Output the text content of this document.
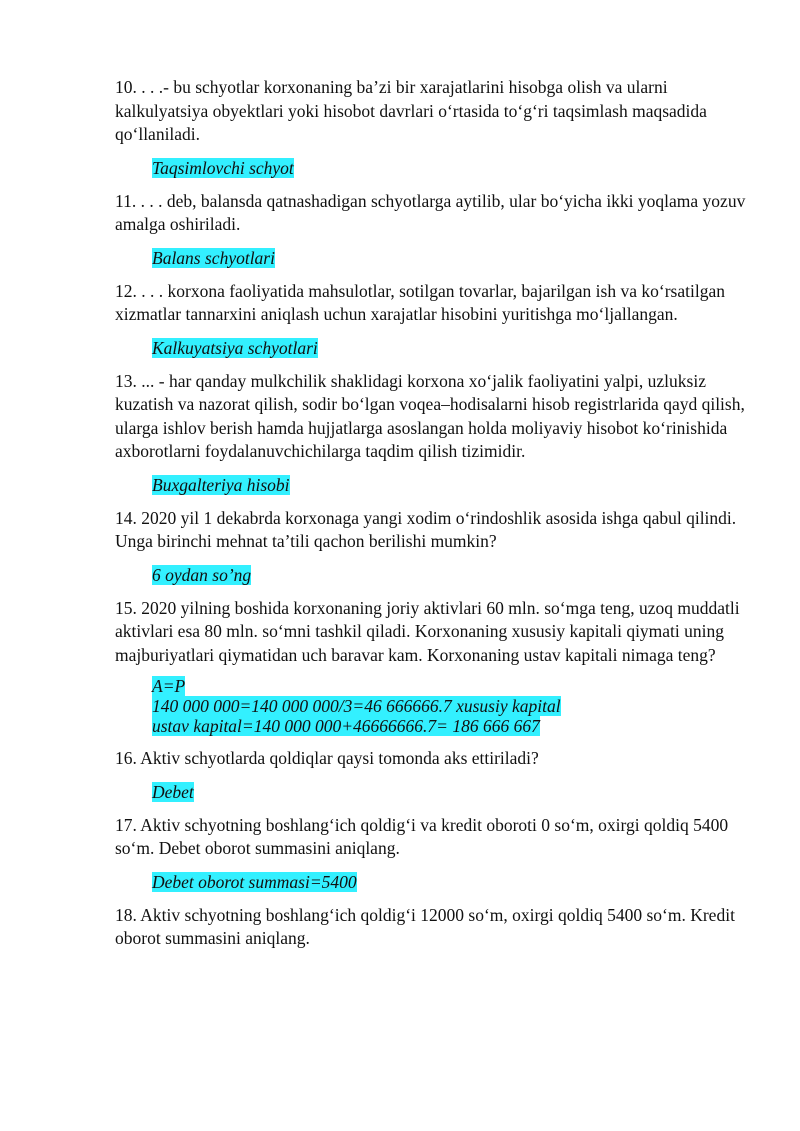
10. . . .- bu schyotlar korxonaning ba’zi bir xarajatlarini hisobga olish va ularni kalkulyatsiya obyektlari yoki hisobot davrlari o‘rtasida to‘g‘ri taqsimlash maqsadida qo‘llaniladi.

Taqsimlovchi schyot

11. . . . deb, balansda qatnashadigan schyotlarga aytilib, ular bo‘yicha ikki yoqlama yozuv amalga oshiriladi.

Balans schyotlari

12. . . . korxona faoliyatida mahsulotlar, sotilgan tovarlar, bajarilgan ish va ko‘rsatilgan xizmatlar tannarxini aniqlash uchun xarajatlar hisobini yuritishga mo‘ljallangan.

Kalkuyatsiya schyotlari

13. ... - har qanday mulkchilik shaklidagi korxona xo‘jalik faoliyatini yalpi, uzluksiz kuzatish va nazorat qilish, sodir bo‘lgan voqea–hodisalarni hisob registrlarida qayd qilish, ularga ishlov berish hamda hujjatlarga asoslangan holda moliyaviy hisobot ko‘rinishida axborotlarni foydalanuvchichilarga taqdim qilish tizimidir.

Buxgalteriya hisobi

14. 2020 yil 1 dekabrda korxonaga yangi xodim o‘rindoshlik asosida ishga qabul qilindi. Unga birinchi mehnat ta’tili qachon berilishi mumkin?

6 oydan so’ng

15. 2020 yilning boshida korxonaning joriy aktivlari 60 mln. so‘mga teng, uzoq muddatli aktivlari esa 80 mln. so‘mni tashkil qiladi. Korxonaning xususiy kapitali qiymati uning majburiyatlari qiymatidan uch baravar kam. Korxonaning ustav kapitali nimaga teng?

A=P
140 000 000=140 000 000/3=46 666666.7 xususiy kapital
ustav kapital=140 000 000+46666666.7= 186 666 667

16. Aktiv schyotlarda qoldiqlar qaysi tomonda aks ettiriladi?

Debet

17. Aktiv schyotning boshlang‘ich qoldig‘i va kredit oboroti 0 so‘m, oxirgi qoldiq 5400 so‘m. Debet oborot summasini aniqlang.

Debet oborot summasi=5400

18. Aktiv schyotning boshlang‘ich qoldig‘i 12000 so‘m, oxirgi qoldiq 5400 so‘m. Kredit oborot summasini aniqlang.
